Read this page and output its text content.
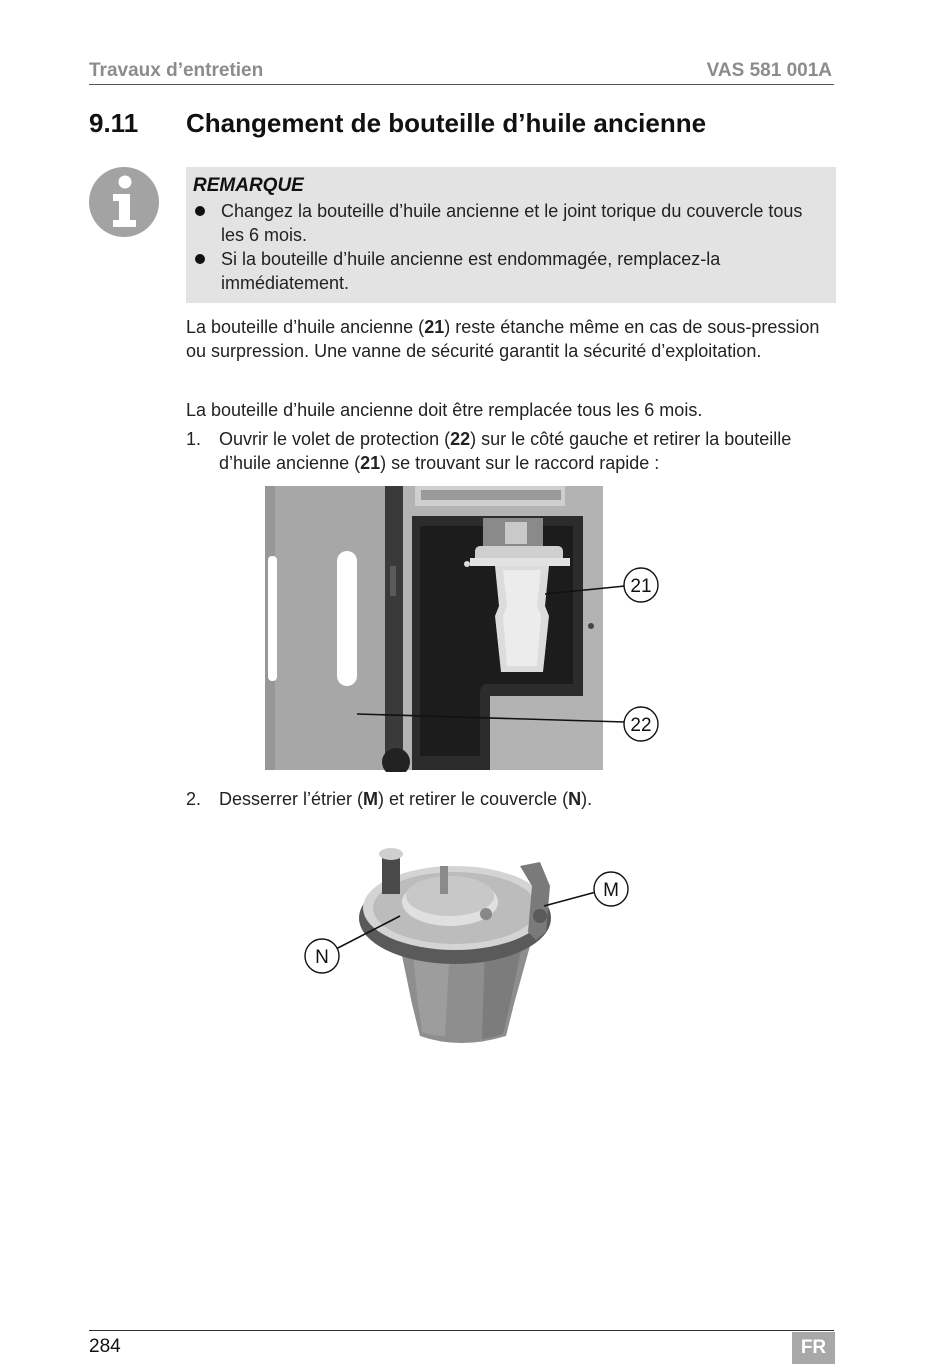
Travaux d’entretien	VAS 581 001A
9.11 Changement de bouteille d’huile ancienne
REMARQUE
Changez la bouteille d’huile ancienne et le joint torique du couvercle tous les 6 mois.
Si la bouteille d’huile ancienne est endommagée, remplacez-la immédiatement.
La bouteille d’huile ancienne (21) reste étanche même en cas de sous-pression ou surpression. Une vanne de sécurité garantit la sécurité d’exploitation.
La bouteille d’huile ancienne doit être remplacée tous les 6 mois.
1. Ouvrir le volet de protection (22) sur le côté gauche et retirer la bouteille d’huile ancienne (21) se trouvant sur le raccord rapide :
21
22
2. Desserrer l’étrier (M) et retirer le couvercle (N).
M
N
284	FR
